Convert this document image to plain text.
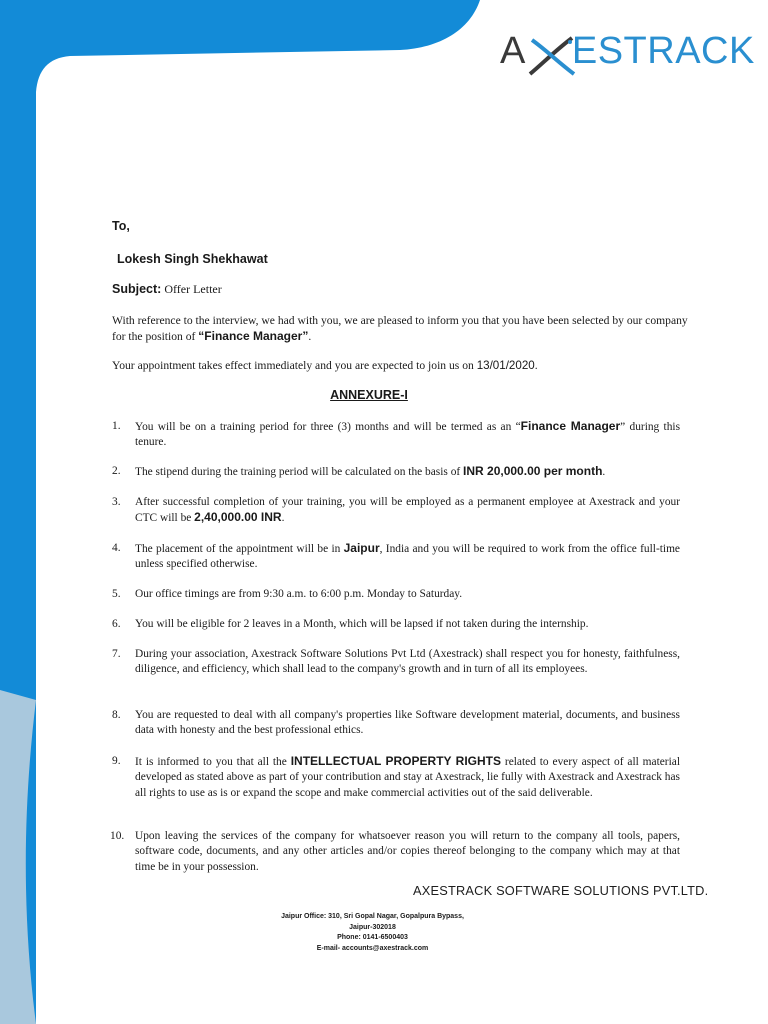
A ESTRACK
To,
Lokesh Singh Shekhawat
Subject: Offer Letter
With reference to the interview, we had with you, we are pleased to inform you that you have been selected by our company for the position of “Finance Manager”.
Your appointment takes effect immediately and you are expected to join us on 13/01/2020.
ANNEXURE-I
1.	You will be on a training period for three (3) months and will be termed as an “Finance Manager” during this tenure.
2.	The stipend during the training period will be calculated on the basis of INR 20,000.00 per month.
3.	After successful completion of your training, you will be employed as a permanent employee at Axestrack and your CTC will be 2,40,000.00 INR.
4.	The placement of the appointment will be in Jaipur, India and you will be required to work from the office full-time unless specified otherwise.
5.	Our office timings are from 9:30 a.m. to 6:00 p.m. Monday to Saturday.
6.	You will be eligible for 2 leaves in a Month, which will be lapsed if not taken during the internship.
7.	During your association, Axestrack Software Solutions Pvt Ltd (Axestrack) shall respect you for honesty, faithfulness, diligence, and efficiency, which shall lead to the company's growth and in turn of all its employees.
8.	You are requested to deal with all company's properties like Software development material, documents, and business data with honesty and the best professional ethics.
9.	It is informed to you that all the INTELLECTUAL PROPERTY RIGHTS related to every aspect of all material developed as stated above as part of your contribution and stay at Axestrack, lie fully with Axestrack and Axestrack has all rights to use as is or expand the scope and make commercial activities out of the said deliverable.
10. Upon leaving the services of the company for whatsoever reason you will return to the company all tools, papers, software code, documents, and any other articles and/or copies thereof belonging to the company which may at that time be in your possession.
AXESTRACK SOFTWARE SOLUTIONS PVT.LTD.
Jaipur Office: 310, Sri Gopal Nagar, Gopalpura Bypass,
Jaipur-302018
Phone: 0141-6500403
E-mail- accounts@axestrack.com
